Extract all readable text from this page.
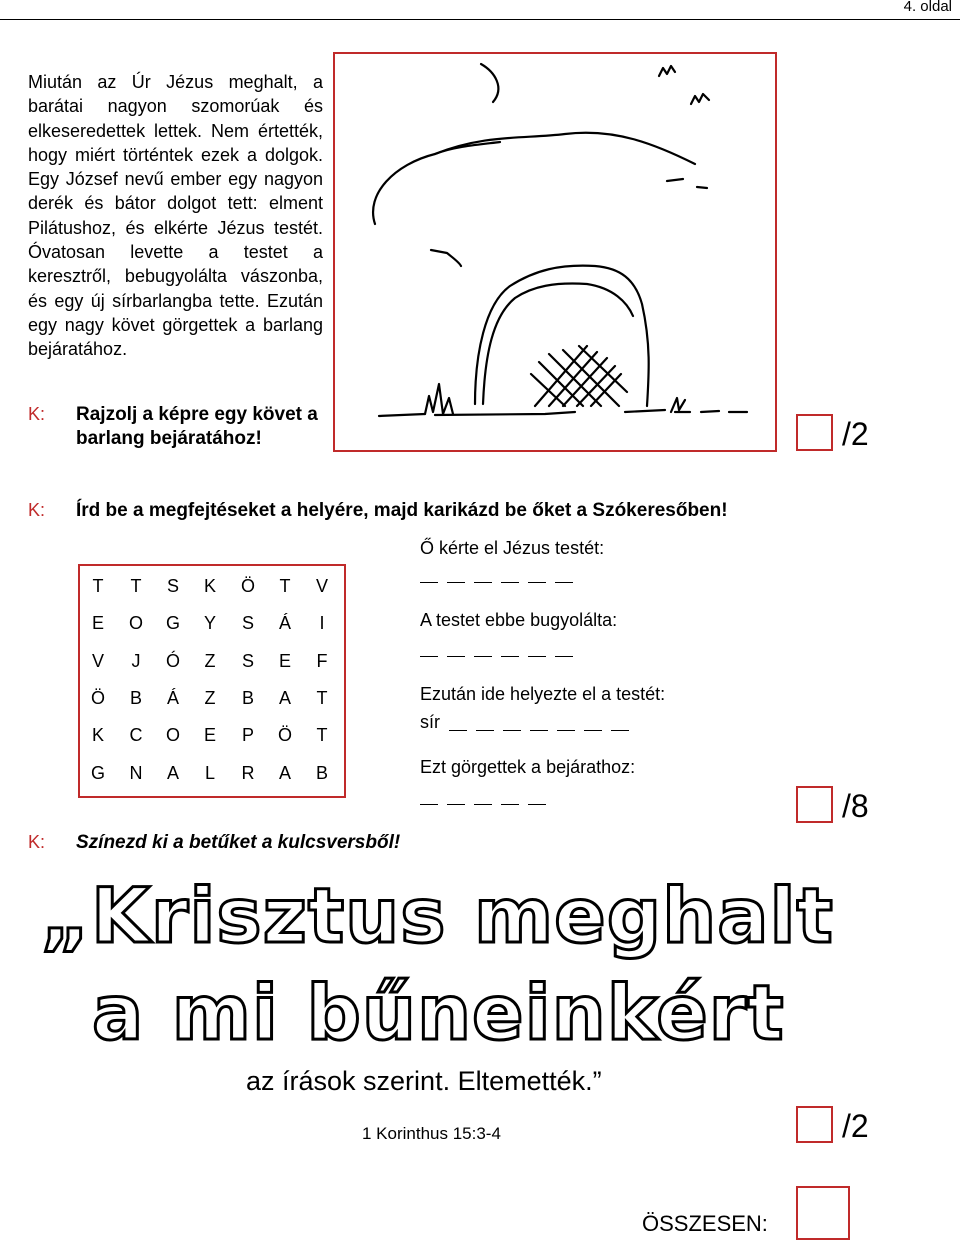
4. oldal
Miután az Úr Jézus meghalt, a barátai nagyon szomorúak és elkeseredettek lettek. Nem értették, hogy miért történtek ezek a dolgok. Egy József nevű ember egy nagyon derék és bátor dolgot tett: elment Pilátushoz, és elkérte Jézus testét. Óvatosan levette a testet a keresztről, bebugyolálta vászonba, és egy új sírbarlangba tette. Ezután egy nagy követ görgettek a barlang bejáratához.
K: Rajzolj a képre egy követ a
barlang bejáratához!	/2
K: Írd be a megfejtéseket a helyére, majd karikázd be őket a Szókeresőben!
T T S K Ö T V
E O G Y S Á	I
V	J	Ó Z S E F
Ö B Á Z B A T
K C O E P Ö T
G N A L R A B
Ő kérte el Jézus testét:
A testet ebbe bugyolálta:
Ezután ide helyezte el a testét:
sír
Ezt görgettek a bejárathoz:
/8
K: Színezd ki a betűket a kulcsversből!
„Krisztus meghalt
a mi bűneinkért
az írások szerint. Eltemették.”
1 Korinthus 15:3-4	/2
ÖSSZESEN:
